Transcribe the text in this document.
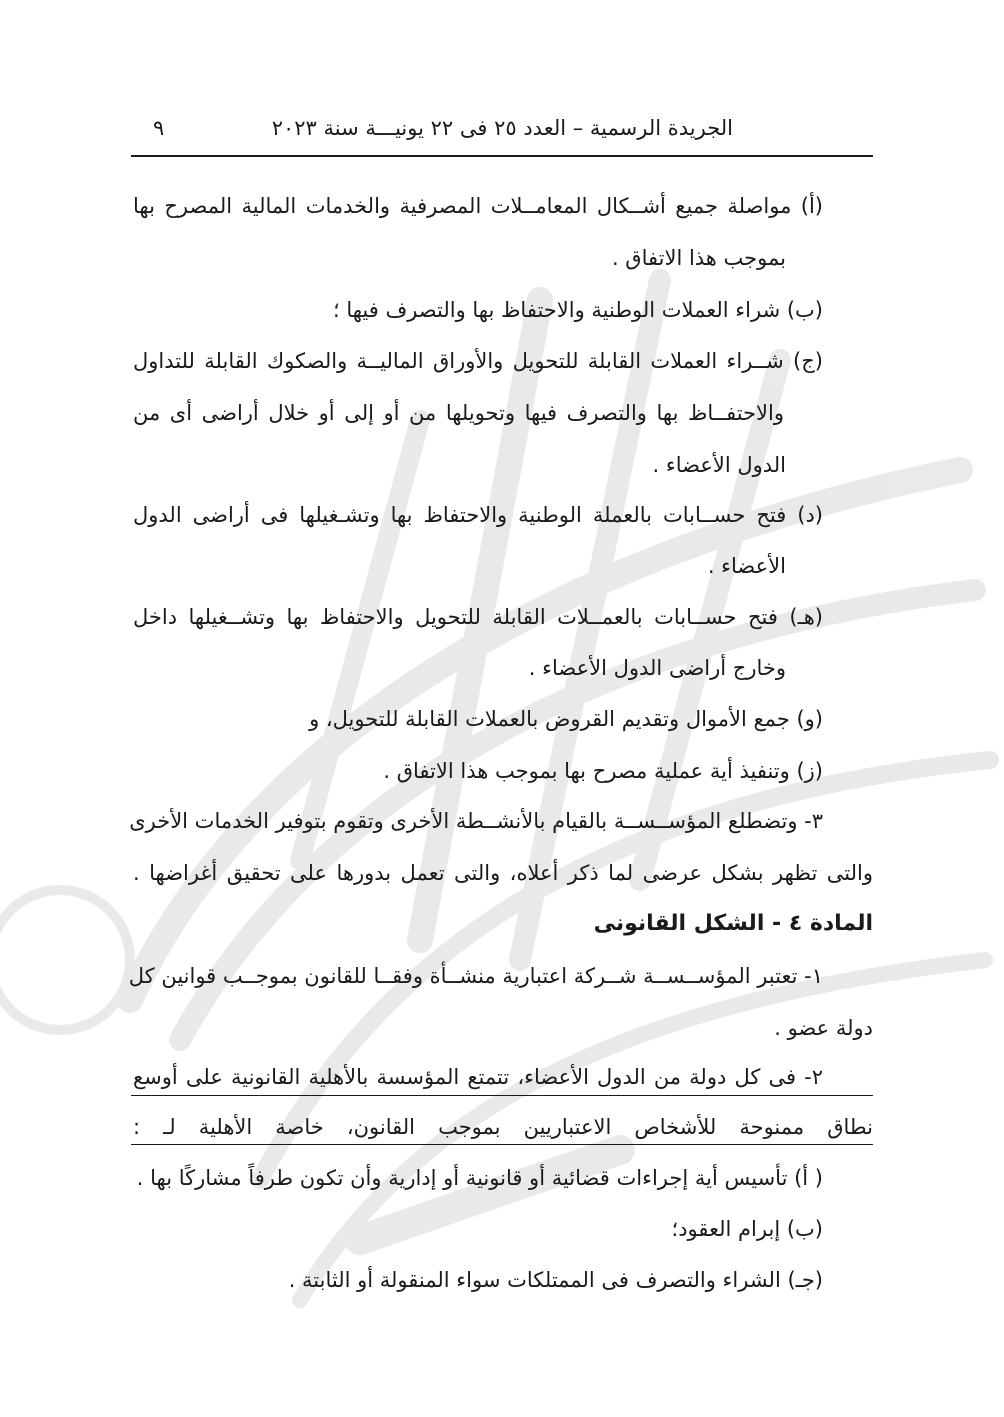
الجريدة الرسمية – العدد ٢٥ فى ٢٢ يونيـــة سنة ٢٠٢٣
٩
(أ) مواصلة جميع أشــكال المعامــلات المصرفية والخدمات المالية المصرح بها
بموجب هذا الاتفاق .
(ب) شراء العملات الوطنية والاحتفاظ بها والتصرف فيها ؛
(ج) شــراء العملات القابلة للتحويل والأوراق الماليــة والصكوك القابلة للتداول
والاحتفــاظ بها والتصرف فيها وتحويلها من أو إلى أو خلال أراضى أى من
الدول الأعضاء .
(د) فتح حســابات بالعملة الوطنية والاحتفاظ بها وتشـغيلها فى أراضى الدول
الأعضاء .
(هـ) فتح حســابات بالعمــلات القابلة للتحويل والاحتفاظ بها وتشــغيلها داخل
وخارج أراضى الدول الأعضاء .
(و) جمع الأموال وتقديم القروض بالعملات القابلة للتحويل، و
(ز) وتنفيذ أية عملية مصرح بها بموجب هذا الاتفاق .
٣- وتضطلع المؤســســة بالقيام بالأنشــطة الأخرى وتقوم بتوفير الخدمات الأخرى
والتى تظهر بشكل عرضى لما ذكر أعلاه، والتى تعمل بدورها على تحقيق أغراضها .
المادة ٤ - الشكل القانونى
١- تعتبر المؤســســة شــركة اعتبارية منشــأة وفقــا للقانون بموجــب قوانين كل
دولة عضو .
٢- فى كل دولة من الدول الأعضاء، تتمتع المؤسسة بالأهلية القانونية على أوسع
نطاق ممنوحة للأشخاص الاعتباريين بموجب القانون، خاصة الأهلية لـ :
( أ) تأسيس أية إجراءات قضائية أو قانونية أو إدارية وأن تكون طرفاً مشاركًا بها .
(ب) إبرام العقود؛
(جـ) الشراء والتصرف فى الممتلكات سواء المنقولة أو الثابتة .
